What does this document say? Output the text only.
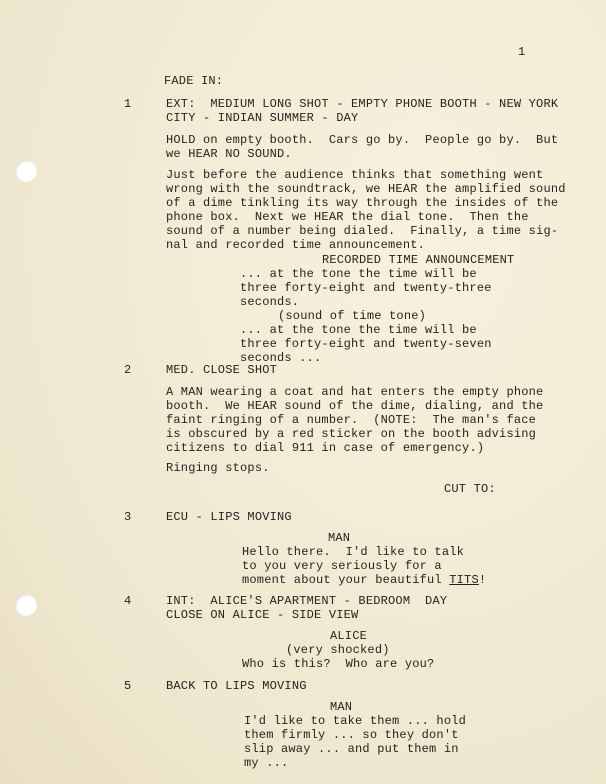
1

FADE IN:

1	EXT:  MEDIUM LONG SHOT - EMPTY PHONE BOOTH - NEW YORK

CITY - INDIAN SUMMER - DAY

HOLD on empty booth.  Cars go by.  People go by.  But

we HEAR NO SOUND.

Just before the audience thinks that something went

wrong with the soundtrack, we HEAR the amplified sound

of a dime tinkling its way through the insides of the

phone box.  Next we HEAR the dial tone.  Then the

sound of a number being dialed.  Finally, a time sig-

nal and recorded time announcement.

RECORDED TIME ANNOUNCEMENT

... at the tone the time will be

three forty-eight and twenty-three

seconds.

(sound of time tone)

... at the tone the time will be

three forty-eight and twenty-seven

seconds ...

2	MED. CLOSE SHOT

A MAN wearing a coat and hat enters the empty phone

booth.  We HEAR sound of the dime, dialing, and the

faint ringing of a number.  (NOTE:  The man's face

is obscured by a red sticker on the booth advising

citizens to dial 911 in case of emergency.)

Ringing stops.

CUT TO:

3	ECU - LIPS MOVING

MAN

Hello there.  I'd like to talk

to you very seriously for a

moment about your beautiful TITS!

4	INT:  ALICE'S APARTMENT - BEDROOM  DAY

CLOSE ON ALICE - SIDE VIEW

ALICE

(very shocked)

Who is this?  Who are you?

5	BACK TO LIPS MOVING

MAN

I'd like to take them ... hold

them firmly ... so they don't

slip away ... and put them in

my ...
